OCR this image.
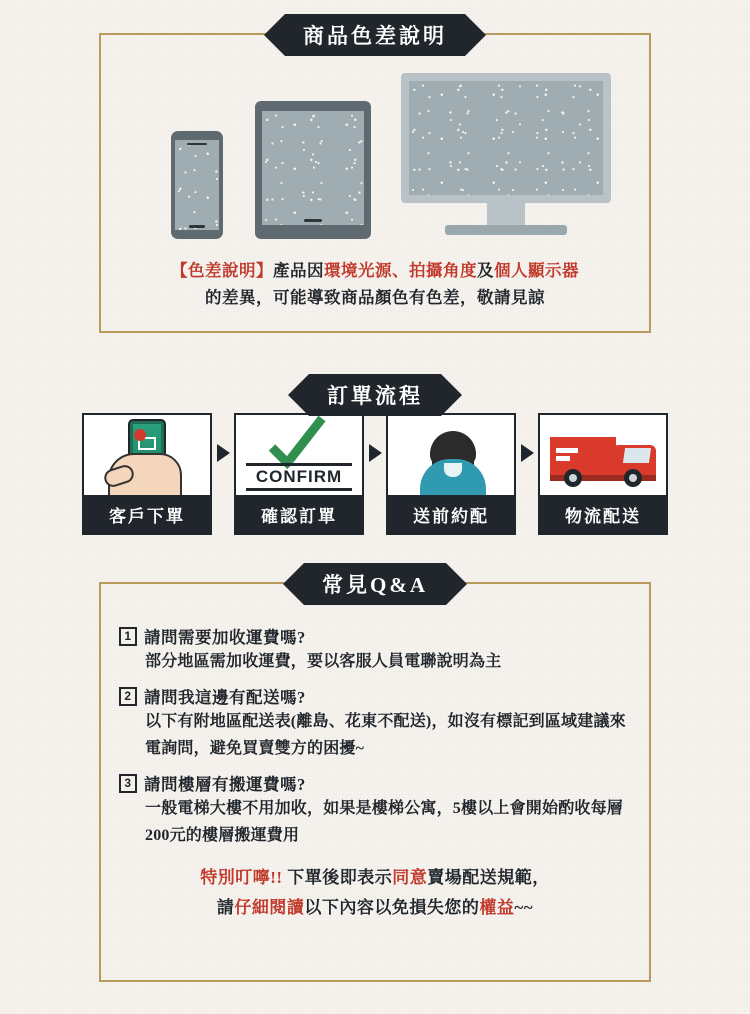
商品色差說明
【色差說明】產品因環境光源、拍攝角度及個人顯示器
的差異，可能導致商品顏色有色差，敬請見諒
訂單流程
客戶下單
CONFIRM
確認訂單	送前約配	物流配送
常見Q&A
1 請問需要加收運費嗎?
部分地區需加收運費，要以客服人員電聯說明為主
2 請問我這邊有配送嗎?
以下有附地區配送表(離島、花東不配送)，如沒有標記到區域建議來電詢問，避免買賣雙方的困擾~
3 請問樓層有搬運費嗎?
一般電梯大樓不用加收，如果是樓梯公寓，5樓以上會開始酌收每層200元的樓層搬運費用
特別叮嚀!! 下單後即表示同意賣場配送規範，
請仔細閱讀以下內容以免損失您的權益~~
